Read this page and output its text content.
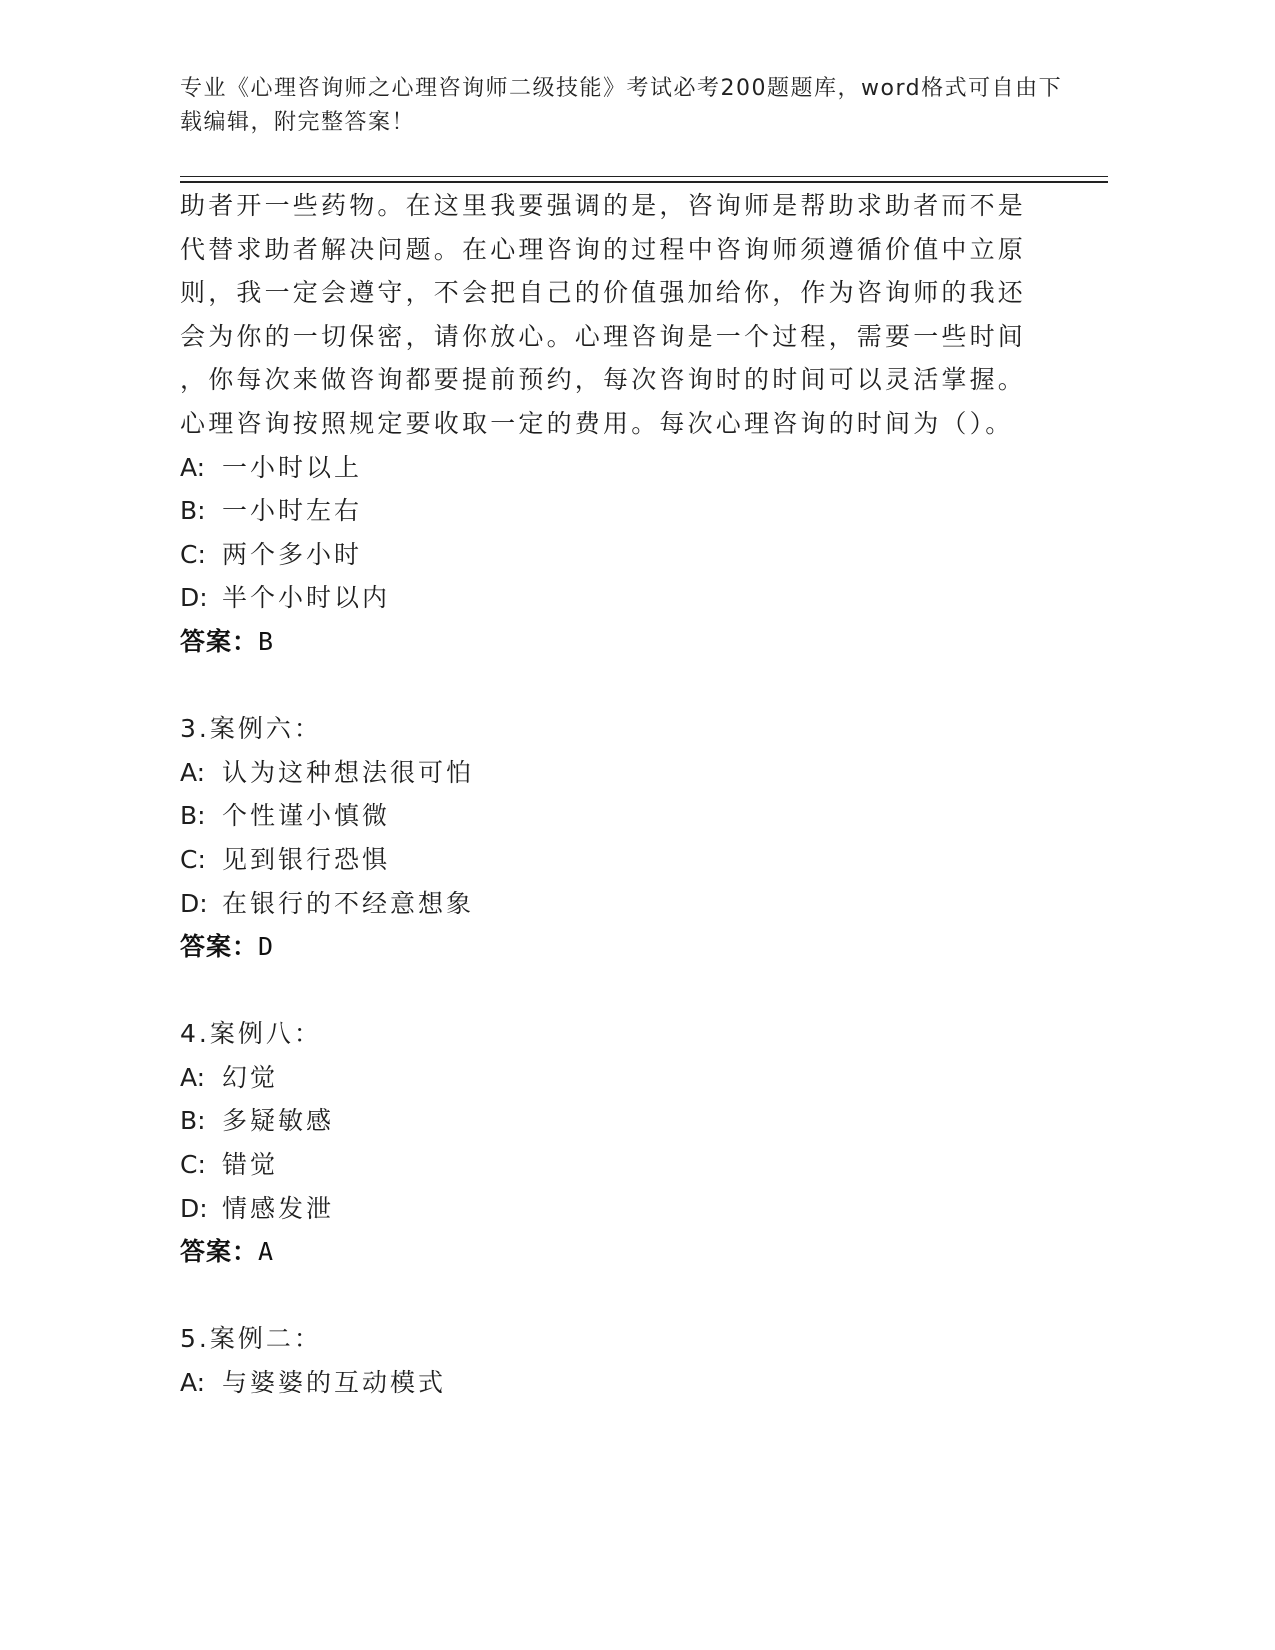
专业《心理咨询师之心理咨询师二级技能》考试必考200题题库，word格式可自由下载编辑，附完整答案！
助者开一些药物。在这里我要强调的是，咨询师是帮助求助者而不是
代替求助者解决问题。在心理咨询的过程中咨询师须遵循价值中立原
则，我一定会遵守，不会把自己的价值强加给你，作为咨询师的我还
会为你的一切保密，请你放心。心理咨询是一个过程，需要一些时间
，你每次来做咨询都要提前预约，每次咨询时的时间可以灵活掌握。
心理咨询按照规定要收取一定的费用。每次心理咨询的时间为（）。
A: 一小时以上
B: 一小时左右
C: 两个多小时
D: 半个小时以内
答案：B
3.案例六：
A: 认为这种想法很可怕
B: 个性谨小慎微
C: 见到银行恐惧
D: 在银行的不经意想象
答案：D
4.案例八：
A: 幻觉
B: 多疑敏感
C: 错觉
D: 情感发泄
答案：A
5.案例二：
A: 与婆婆的互动模式
